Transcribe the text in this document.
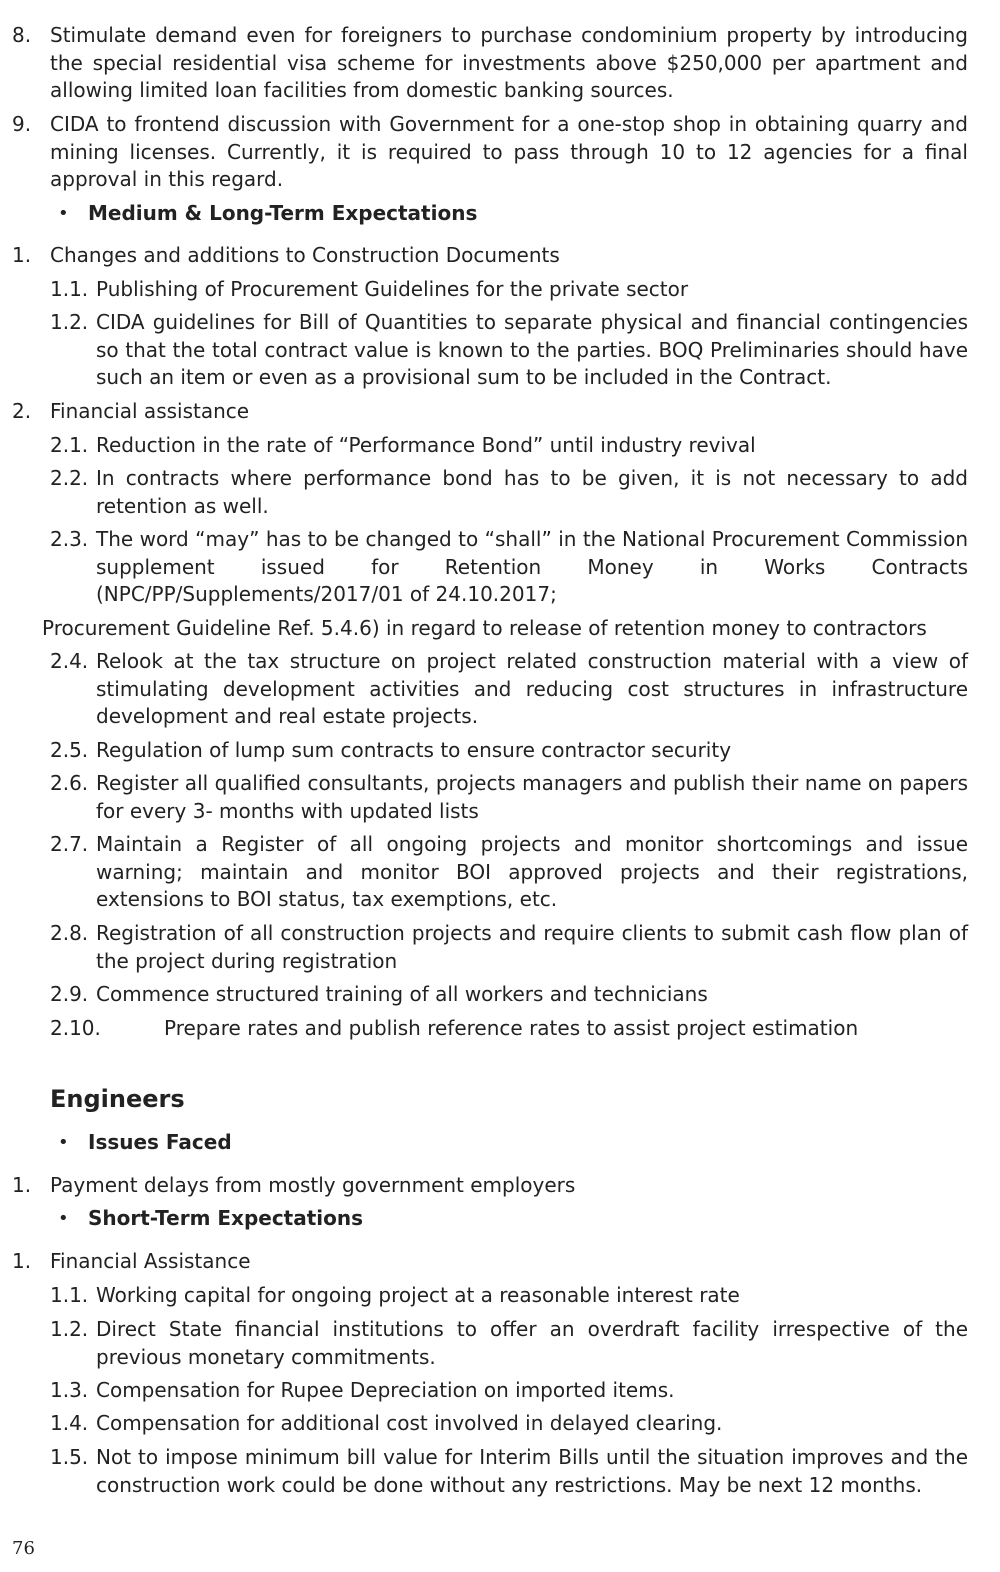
8. Stimulate demand even for foreigners to purchase condominium property by introducing the special residential visa scheme for investments above $250,000 per apartment and allowing limited loan facilities from domestic banking sources.
9. CIDA to frontend discussion with Government for a one-stop shop in obtaining quarry and mining licenses. Currently, it is required to pass through 10 to 12 agencies for a final approval in this regard.
• Medium & Long-Term Expectations
1. Changes and additions to Construction Documents
1.1. Publishing of Procurement Guidelines for the private sector
1.2. CIDA guidelines for Bill of Quantities to separate physical and financial contingencies so that the total contract value is known to the parties. BOQ Preliminaries should have such an item or even as a provisional sum to be included in the Contract.
2. Financial assistance
2.1. Reduction in the rate of “Performance Bond” until industry revival
2.2. In contracts where performance bond has to be given, it is not necessary to add retention as well.
2.3. The word “may” has to be changed to “shall” in the National Procurement Commission supplement issued for Retention Money in Works Contracts (NPC/PP/Supplements/2017/01 of 24.10.2017;
Procurement Guideline Ref. 5.4.6) in regard to release of retention money to contractors
2.4. Relook at the tax structure on project related construction material with a view of stimulating development activities and reducing cost structures in infrastructure development and real estate projects.
2.5. Regulation of lump sum contracts to ensure contractor security
2.6. Register all qualified consultants, projects managers and publish their name on papers for every 3- months with updated lists
2.7. Maintain a Register of all ongoing projects and monitor shortcomings and issue warning; maintain and monitor BOI approved projects and their registrations, extensions to BOI status, tax exemptions, etc.
2.8. Registration of all construction projects and require clients to submit cash flow plan of the project during registration
2.9. Commence structured training of all workers and technicians
2.10.	Prepare rates and publish reference rates to assist project estimation
Engineers
• Issues Faced
1. Payment delays from mostly government employers
• Short-Term Expectations
1. Financial Assistance
1.1. Working capital for ongoing project at a reasonable interest rate
1.2. Direct State financial institutions to offer an overdraft facility irrespective of the previous monetary commitments.
1.3. Compensation for Rupee Depreciation on imported items.
1.4. Compensation for additional cost involved in delayed clearing.
1.5. Not to impose minimum bill value for Interim Bills until the situation improves and the construction work could be done without any restrictions. May be next 12 months.
76
